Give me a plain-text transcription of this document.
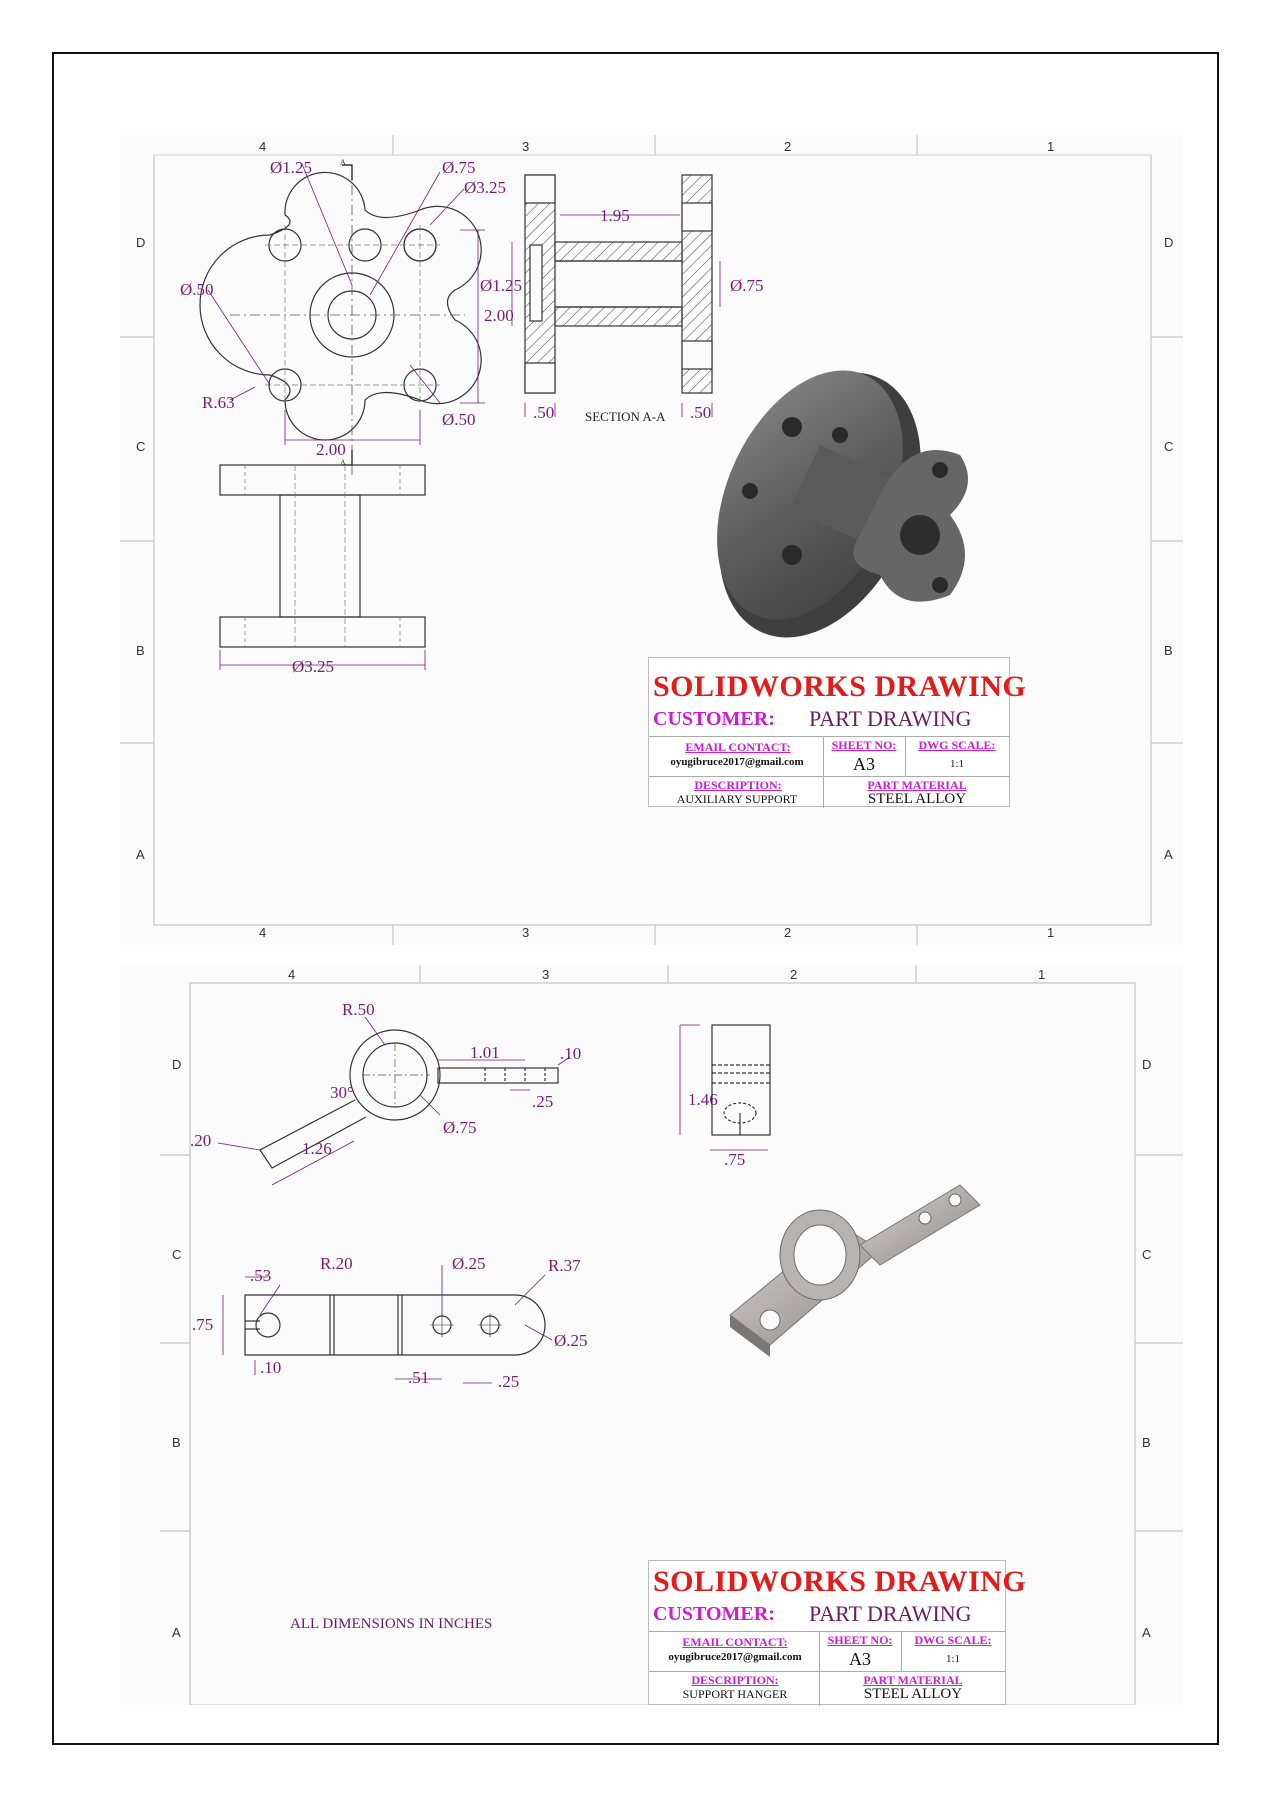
4	3	2	1
4	3	2	1
D
C
B
A
D
C
B
A
Ø1.25	Ø.75
Ø3.25
Ø.50
2.00
R.63
Ø.50
2.00
A
A
1.95
Ø1.25	Ø.75
.50	.50
SECTION A-A
Ø3.25
SOLIDWORKS DRAWING
CUSTOMER: PART DRAWING
EMAIL CONTACT:
oyugibruce2017@gmail.com
SHEET NO:
A3
DWG SCALE:
1:1
DESCRIPTION:
AUXILIARY SUPPORT
PART MATERIAL
STEEL ALLOY
4	3	2	1
D
C
B
A
D
C
B
A
R.50
1.01	.10
30°	.25	1.46
.20
Ø.75
1.26
.75
.53
R.20	Ø.25	R.37
.75
Ø.25
.10
.51	.25
ALL DIMENSIONS IN INCHES
SOLIDWORKS DRAWING
CUSTOMER: PART DRAWING
EMAIL CONTACT:
oyugibruce2017@gmail.com
SHEET NO:
A3
DWG SCALE:
1:1
DESCRIPTION:
SUPPORT HANGER
PART MATERIAL
STEEL ALLOY
